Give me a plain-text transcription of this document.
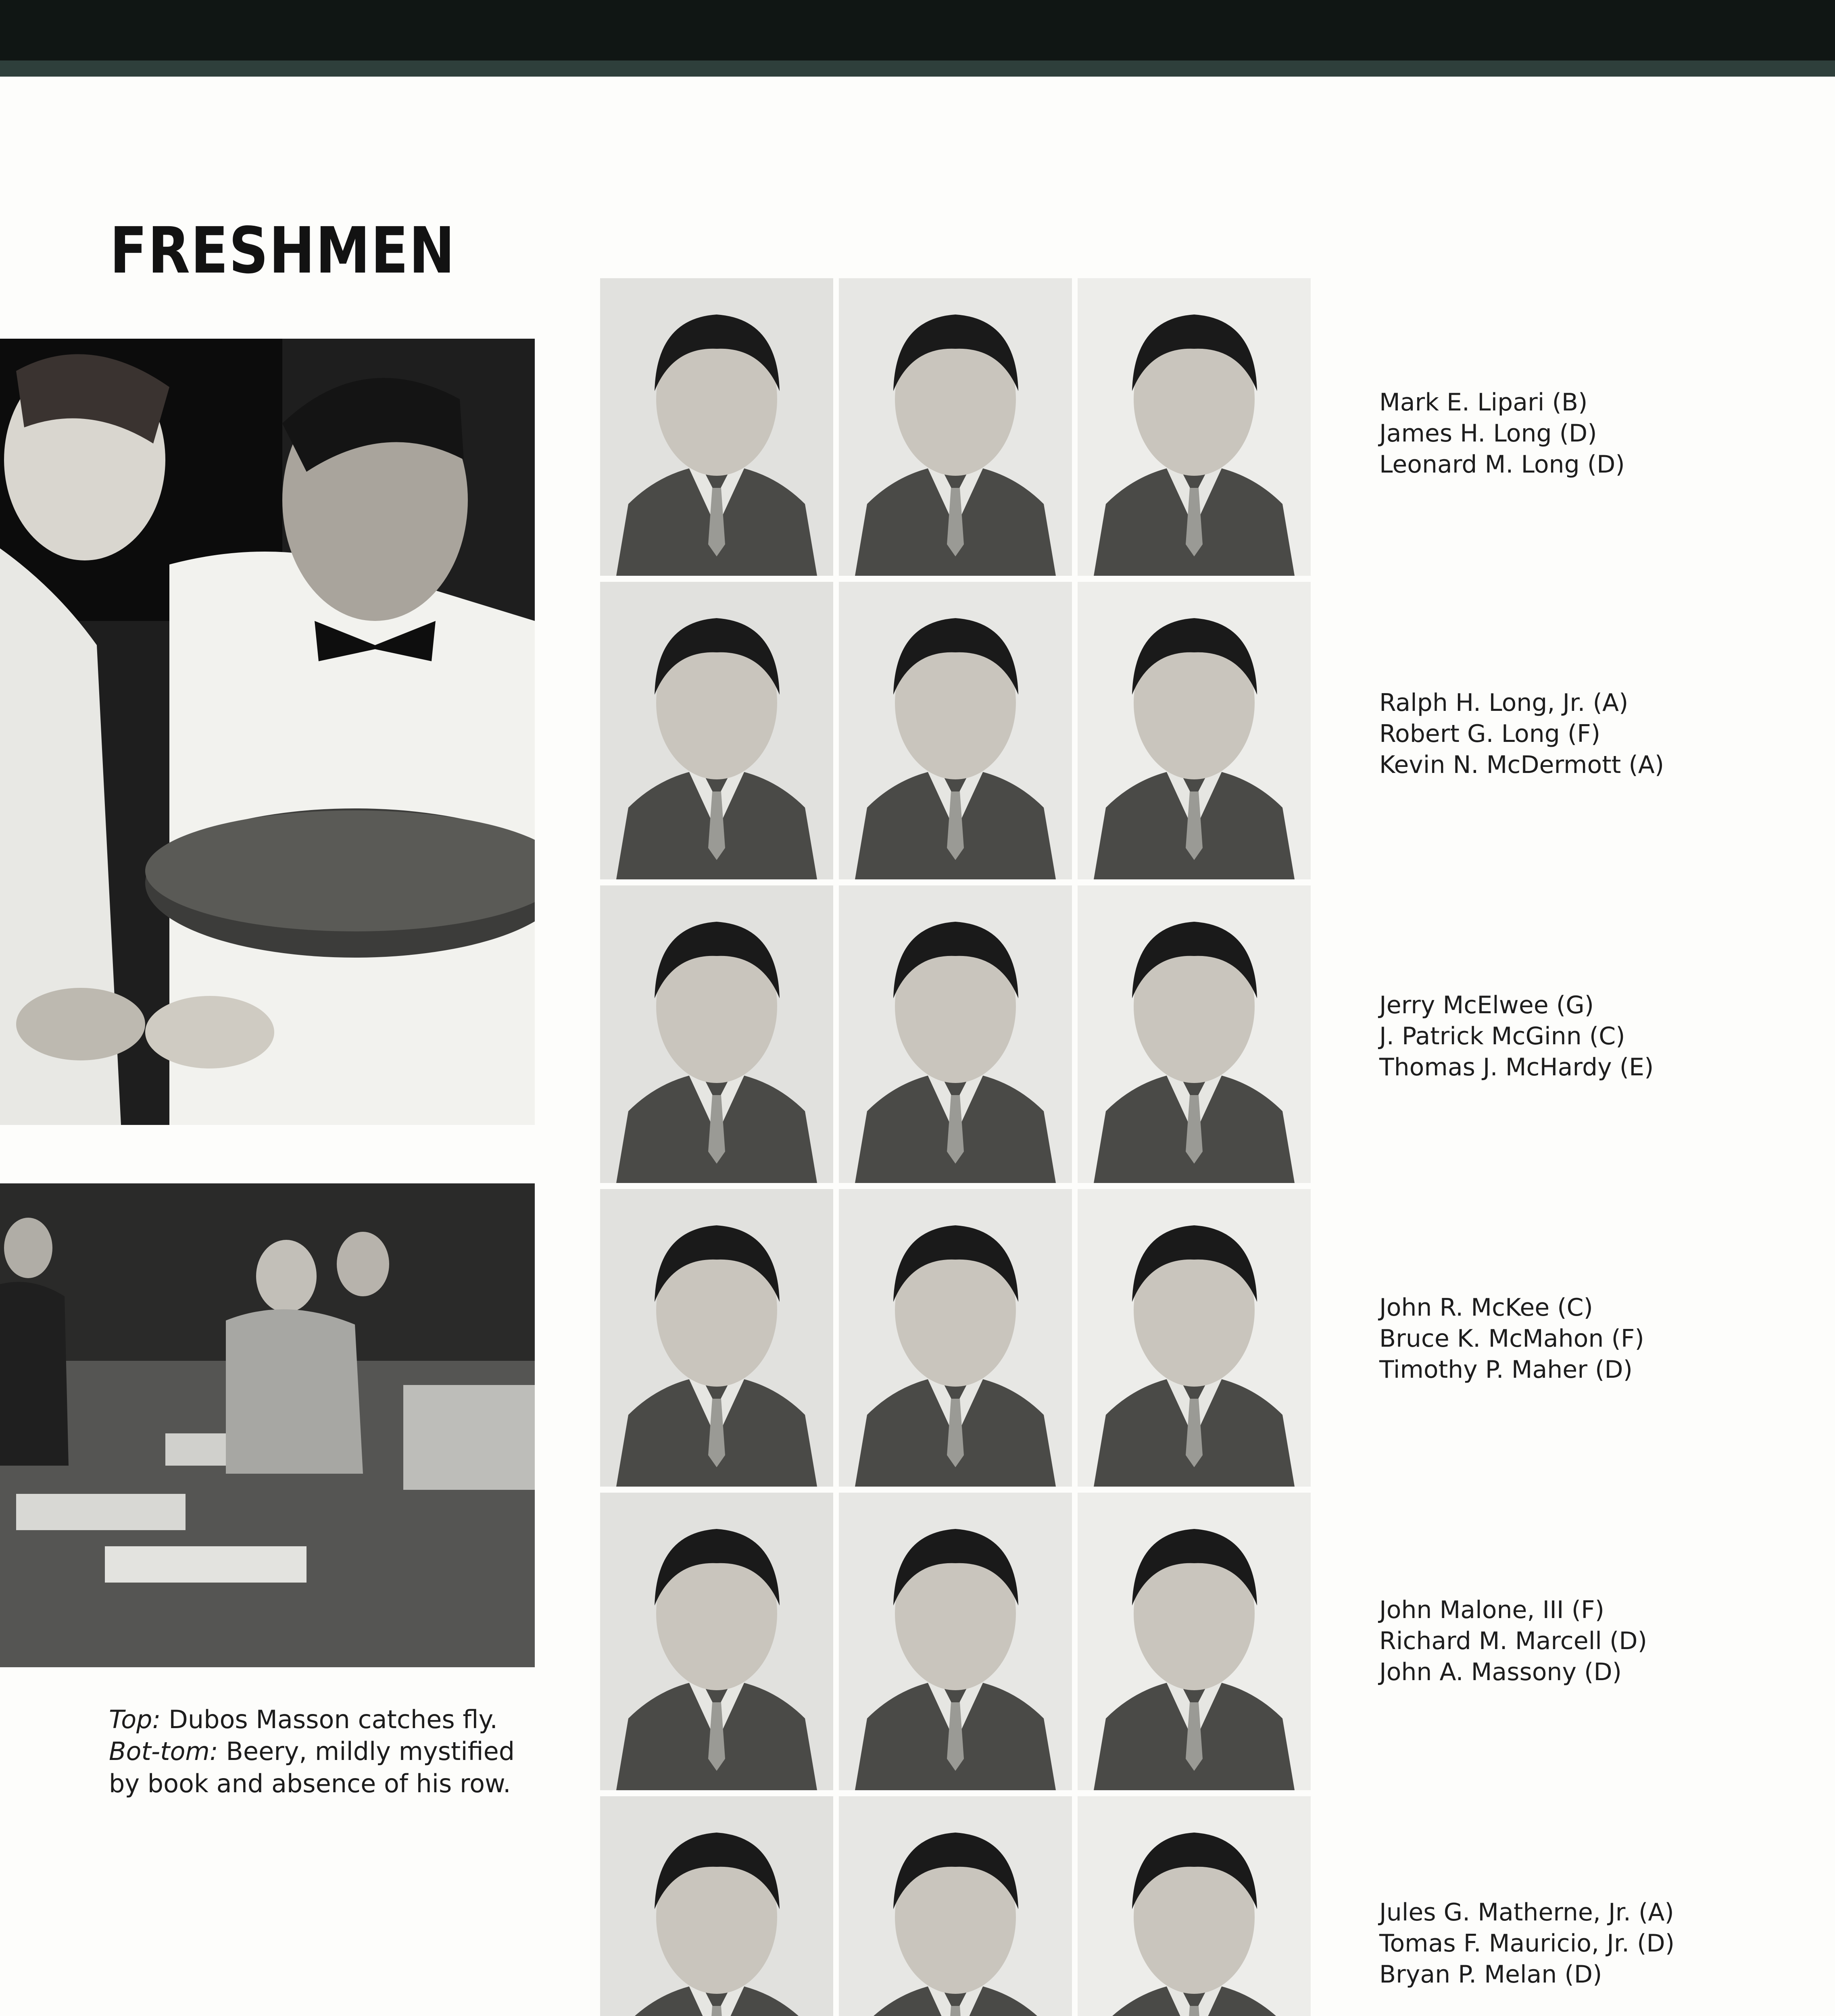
FRESHMEN
Top: Dubos Masson catches fly. Bot-tom: Beery, mildly mystified by book and absence of his row.
Mark E. Lipari (B)
James H. Long (D)
Leonard M. Long (D)
Ralph H. Long, Jr. (A)
Robert G. Long (F)
Kevin N. McDermott (A)
Jerry McElwee (G)
J. Patrick McGinn (C)
Thomas J. McHardy (E)
John R. McKee (C)
Bruce K. McMahon (F)
Timothy P. Maher (D)
John Malone, III (F)
Richard M. Marcell (D)
John A. Massony (D)
Jules G. Matherne, Jr. (A)
Tomas F. Mauricio, Jr. (D)
Bryan P. Melan (D)
